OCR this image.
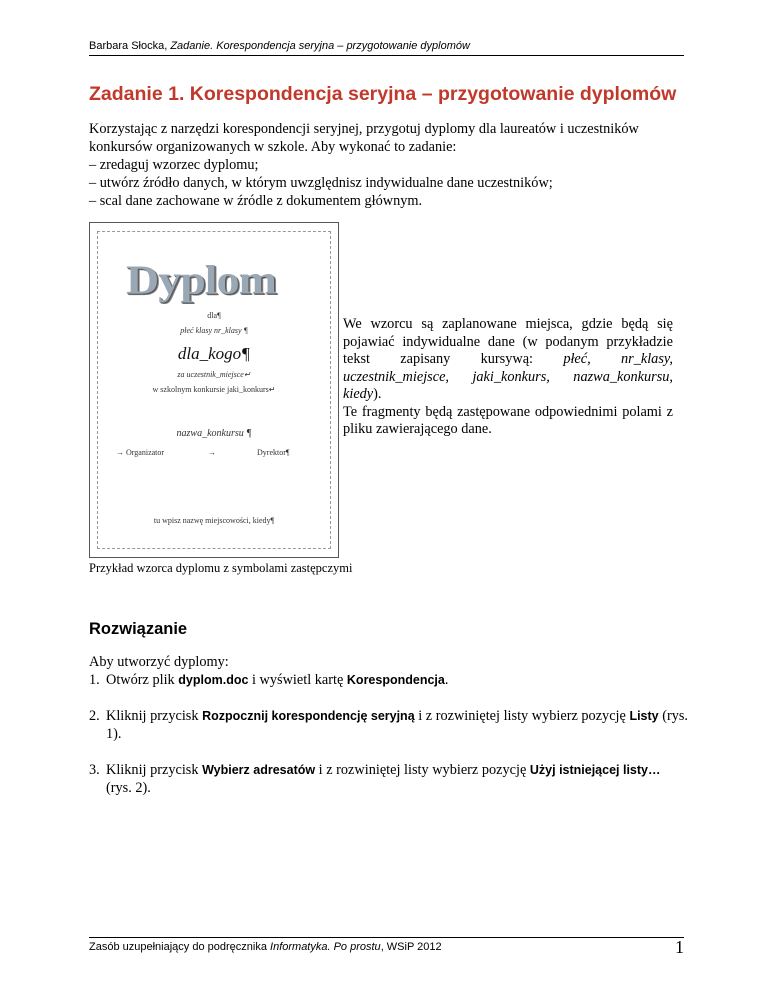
Barbara Słocka, Zadanie. Korespondencja seryjna – przygotowanie dyplomów
Zadanie 1. Korespondencja seryjna – przygotowanie dyplomów

Korzystając z narzędzi korespondencji seryjnej, przygotuj dyplomy dla laureatów i uczestników konkursów organizowanych w szkole. Aby wykonać to zadanie:

– zredaguj wzorzec dyplomu;
– utwórz źródło danych, w którym uwzględnisz indywidualne dane uczestników;
– scal dane zachowane w źródle z dokumentem głównym.
Dyplom
dla¶
płeć klasy nr_klasy ¶
dla_kogo¶
za uczestnik_miejsce↵
w szkolnym konkursie jaki_konkurs↵
nazwa_konkursu ¶
→ Organizator	→	Dyrektor¶
tu wpisz nazwę miejscowości, kiedy¶

We wzorcu są zaplanowane miejsca, gdzie będą się pojawiać indywidualne dane (w podanym przykładzie tekst zapisany kursywą: płeć, nr_klasy, uczestnik_miejsce, jaki_konkurs, nazwa_konkursu, kiedy).

Te fragmenty będą zastępowane odpowiednimi polami z pliku zawierającego dane.

Przykład wzorca dyplomu z symbolami zastępczymi
Rozwiązanie

Aby utworzyć dyplomy:

1. Otwórz plik dyplom.doc i wyświetl kartę Korespondencja.
2. Kliknij przycisk Rozpocznij korespondencję seryjną i z rozwiniętej listy wybierz pozycję Listy (rys. 1).
3. Kliknij przycisk Wybierz adresatów i z rozwiniętej listy wybierz pozycję Użyj istniejącej listy… (rys. 2).
Zasób uzupełniający do podręcznika Informatyka. Po prostu, WSiP 2012	1
